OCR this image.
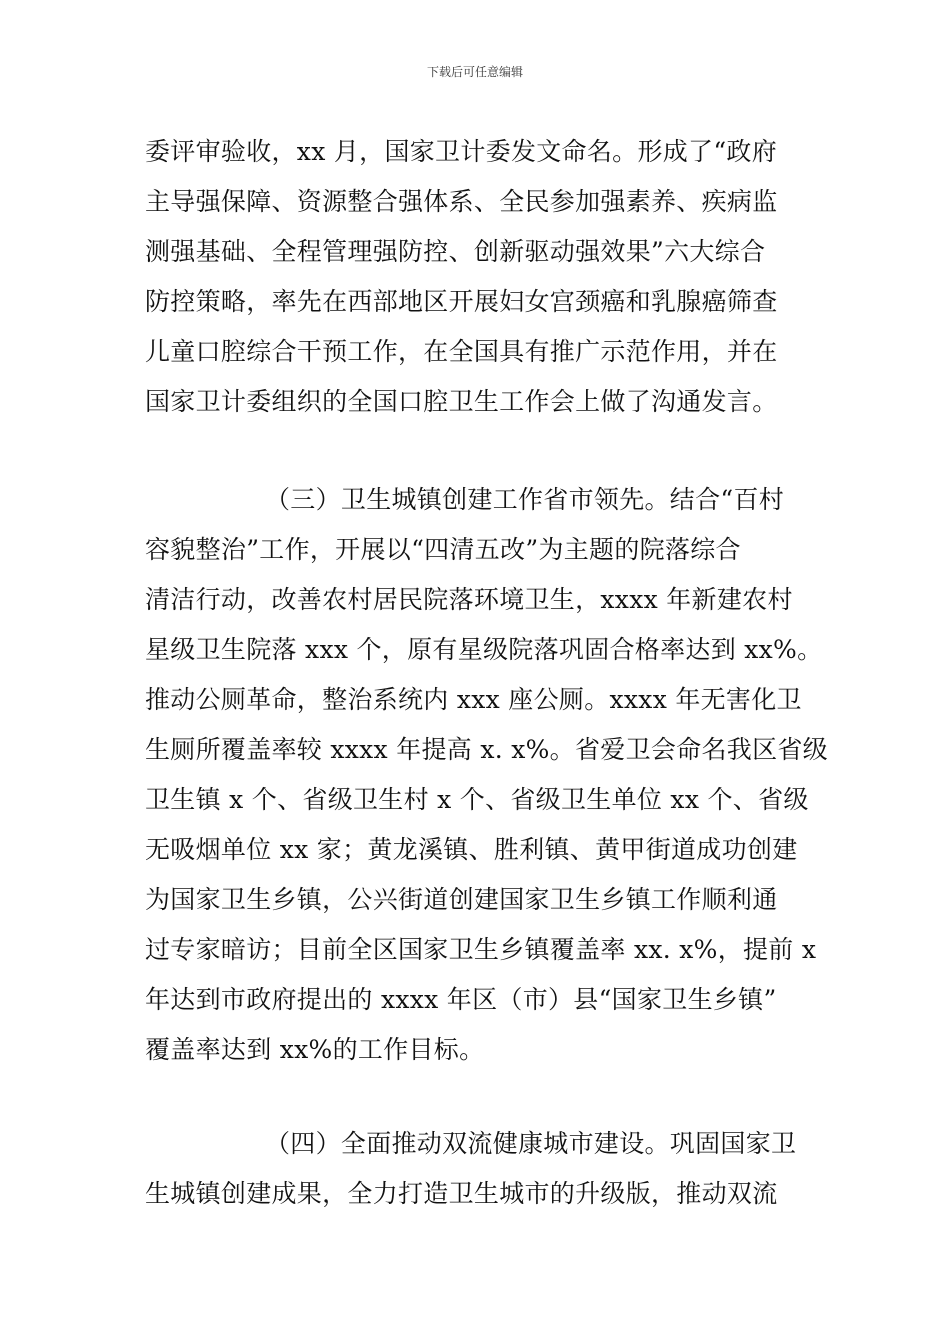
下载后可任意编辑
委评审验收，xx 月，国家卫计委发文命名。形成了“政府
主导强保障、资源整合强体系、全民参加强素养、疾病监
测强基础、全程管理强防控、创新驱动强效果”六大综合
防控策略，率先在西部地区开展妇女宫颈癌和乳腺癌筛查
儿童口腔综合干预工作，在全国具有推广示范作用，并在
国家卫计委组织的全国口腔卫生工作会上做了沟通发言。
（三）卫生城镇创建工作省市领先。结合“百村
容貌整治”工作，开展以“四清五改”为主题的院落综合
清洁行动，改善农村居民院落环境卫生，xxxx 年新建农村
星级卫生院落 xxx 个，原有星级院落巩固合格率达到 xx%。
推动公厕革命，整治系统内 xxx 座公厕。xxxx 年无害化卫
生厕所覆盖率较 xxxx 年提高 x. x%。省爱卫会命名我区省级
卫生镇 x 个、省级卫生村 x 个、省级卫生单位 xx 个、省级
无吸烟单位 xx 家；黄龙溪镇、胜利镇、黄甲街道成功创建
为国家卫生乡镇，公兴街道创建国家卫生乡镇工作顺利通
过专家暗访；目前全区国家卫生乡镇覆盖率 xx. x%，提前 x
年达到市政府提出的 xxxx 年区（市）县“国家卫生乡镇”
覆盖率达到 xx%的工作目标。
（四）全面推动双流健康城市建设。巩固国家卫
生城镇创建成果，全力打造卫生城市的升级版，推动双流
